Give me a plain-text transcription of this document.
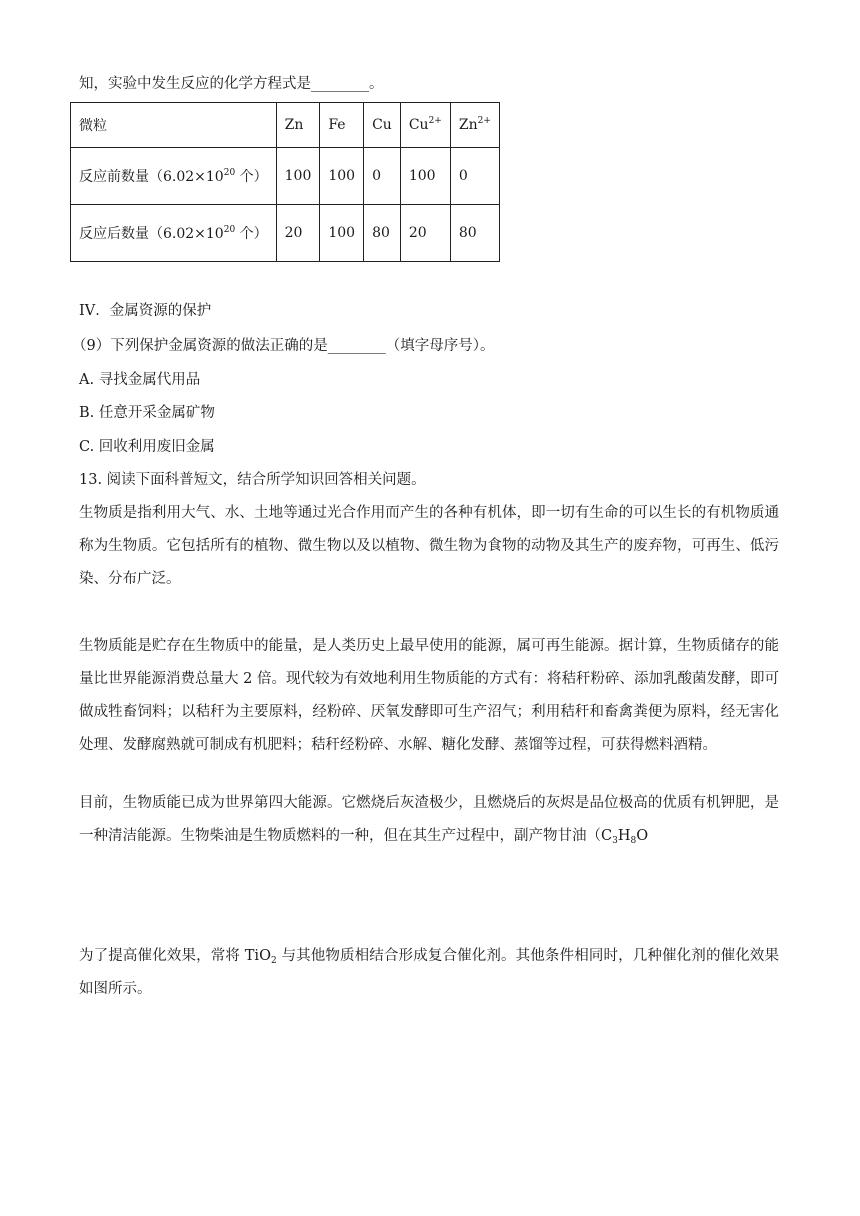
知，实验中发生反应的化学方程式是________。
微粒	Zn	Fe	Cu	$Cu^{2+}$	$Zn^{2+}$
反应前数量（$6.02\times 10^{20}$ 个）	100	100	0	100	0
反应后数量（$6.02\times 10^{20}$ 个）	20	100	80	20	80
IV．金属资源的保护
（9）下列保护金属资源的做法正确的是________（填字母序号）。
A. 寻找金属代用品
B. 任意开采金属矿物
C. 回收利用废旧金属
13. 阅读下面科普短文，结合所学知识回答相关问题。
生物质是指利用大气、水、土地等通过光合作用而产生的各种有机体，即一切有生命的可以生长的有机物质通称为生物质。它包括所有的植物、微生物以及以植物、微生物为食物的动物及其生产的废弃物，可再生、低污染、分布广泛。
生物质能是贮存在生物质中的能量，是人类历史上最早使用的能源，属可再生能源。据计算，生物质储存的能量比世界能源消费总量大 2 倍。现代较为有效地利用生物质能的方式有：将秸秆粉碎、添加乳酸菌发酵，即可做成牲畜饲料；以秸秆为主要原料，经粉碎、厌氧发酵即可生产沼气；利用秸秆和畜禽粪便为原料，经无害化处理、发酵腐熟就可制成有机肥料；秸秆经粉碎、水解、糖化发酵、蒸馏等过程，可获得燃料酒精。
目前，生物质能已成为世界第四大能源。它燃烧后灰渣极少，且燃烧后的灰烬是品位极高的优质有机钾肥，是一种清洁能源。生物柴油是生物质燃料的一种，但在其生产过程中，副产物甘油（$C_3H_8O$
为了提高催化效果，常将 TiO$_2$ 与其他物质相结合形成复合催化剂。其他条件相同时，几种催化剂的催化效果如图所示。
